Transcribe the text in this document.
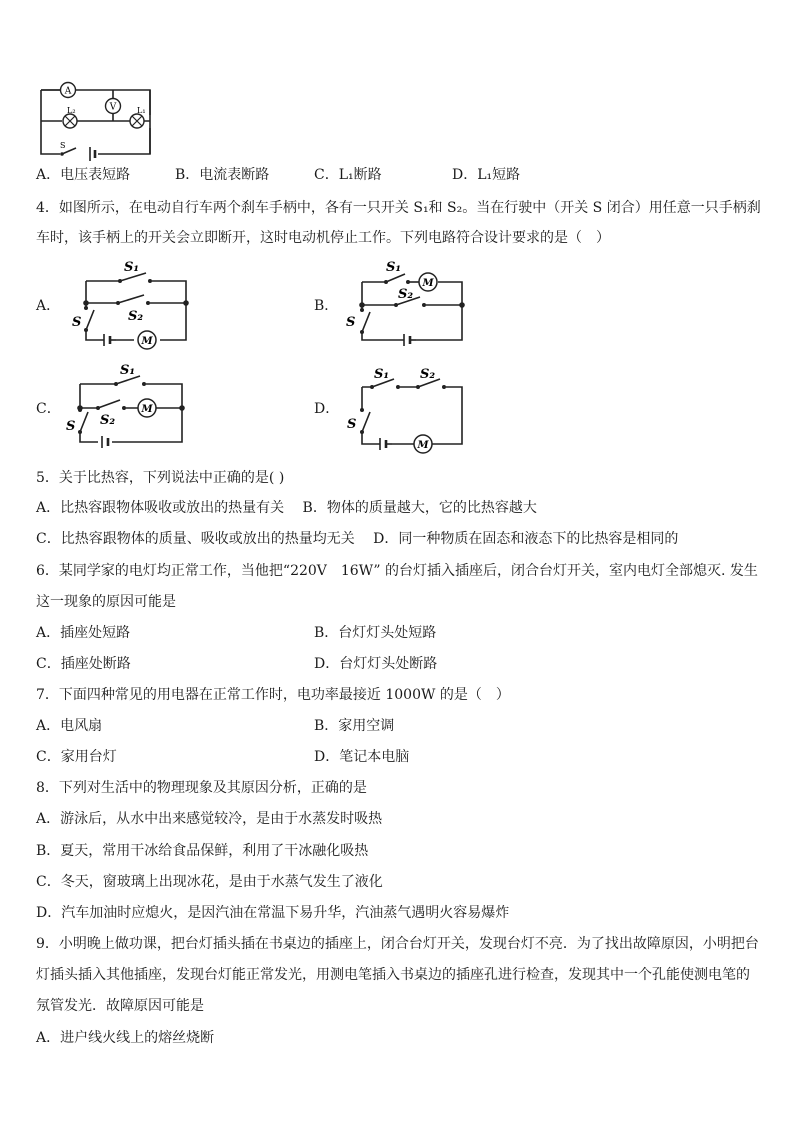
A
V
L₂	L₁
S
A．电压表短路	B．电流表断路	C．L₁断路	D．L₁短路
4．如图所示，在电动自行车两个刹车手柄中，各有一只开关 S₁和 S₂。当在行驶中（开关 S 闭合）用任意一只手柄刹
车时，该手柄上的开关会立即断开，这时电动机停止工作。下列电路符合设计要求的是（　）
A．	B．
C．	D．
S₁
S₂
S
M
S₁
M
S₂
S
S₁
S₂
M
S
S₁ S₂
S
M
5．关于比热容，下列说法中正确的是( )
A．比热容跟物体吸收或放出的热量有关　 B．物体的质量越大，它的比热容越大
C．比热容跟物体的质量、吸收或放出的热量均无关　 D．同一种物质在固态和液态下的比热容是相同的
6．某同学家的电灯均正常工作，当他把“220V　16W” 的台灯插入插座后，闭合台灯开关，室内电灯全部熄灭. 发生
这一现象的原因可能是
A．插座处短路	B．台灯灯头处短路
C．插座处断路	D．台灯灯头处断路
7．下面四种常见的用电器在正常工作时，电功率最接近 1000W 的是（　）
A．电风扇	B．家用空调
C．家用台灯	D．笔记本电脑
8．下列对生活中的物理现象及其原因分析，正确的是
A．游泳后，从水中出来感觉较冷，是由于水蒸发时吸热
B．夏天，常用干冰给食品保鲜，利用了干冰融化吸热
C．冬天，窗玻璃上出现冰花，是由于水蒸气发生了液化
D．汽车加油时应熄火，是因汽油在常温下易升华，汽油蒸气遇明火容易爆炸
9．小明晚上做功课，把台灯插头插在书桌边的插座上，闭合台灯开关，发现台灯不亮．为了找出故障原因，小明把台
灯插头插入其他插座，发现台灯能正常发光，用测电笔插入书桌边的插座孔进行检查，发现其中一个孔能使测电笔的
氖管发光．故障原因可能是
A．进户线火线上的熔丝烧断
